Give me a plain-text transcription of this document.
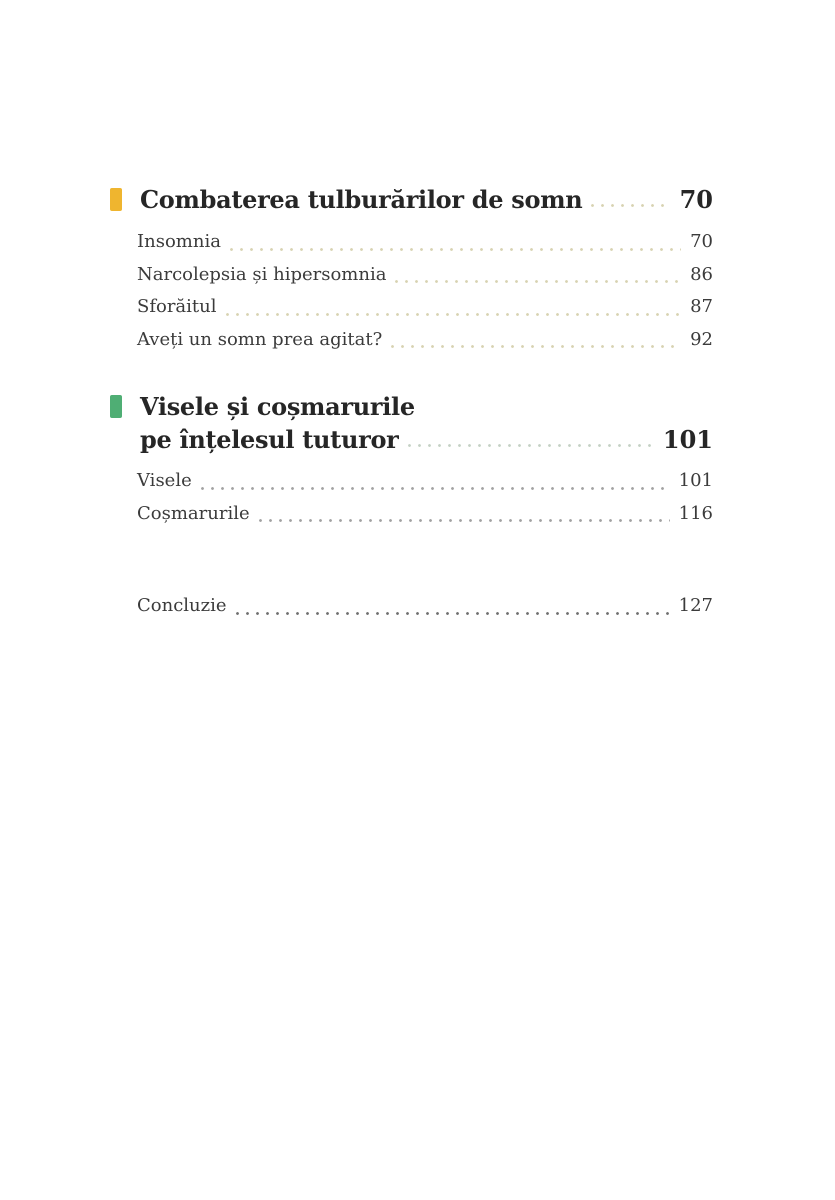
Combaterea tulburărilor de somn	70
Insomnia	70
Narcolepsia și hipersomnia	86
Sforăitul	87
Aveți un somn prea agitat?	92
Visele și coșmarurile
pe înțelesul tuturor	101
Visele	101
Coșmarurile	116
Concluzie	127
